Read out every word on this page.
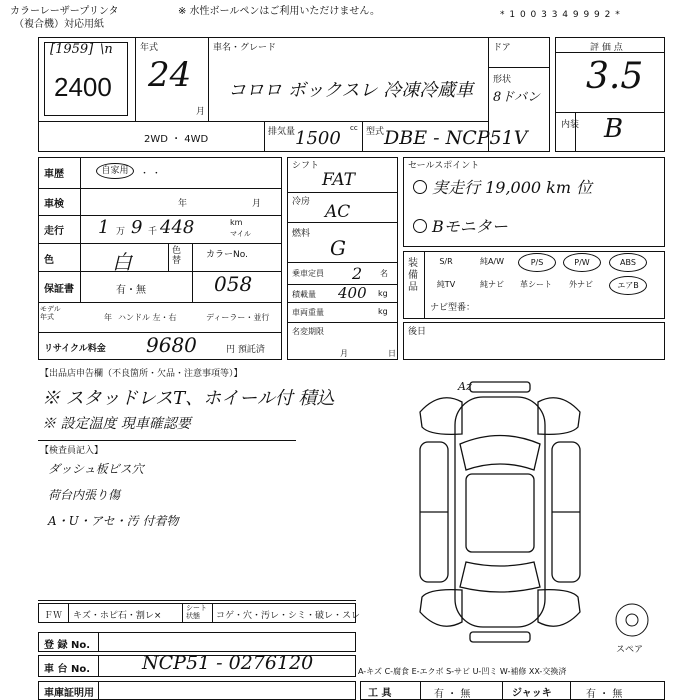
カラーレーザープリンタ
（複合機）対応用紙
※ 水性ボールペンはご利用いただけません。	* 1 0 0 3 3 4 9 9 9 2 *
[1959] \n
2400
年式
24
月
車名・グレード
コロロ ボックスレ 冷凍冷蔵車
ドア
形状
8ドバン
2WD ・ 4WD
排気量 1500 cc 型式 DBE - NCP51V
評 価 点
3.5
内装 B
車歴	自家用	・ ・
車検	年	月
走行 1 万 9 千 448	km
マイル
色	白	色替
カラーNo.
保証書	有・無	058
モデル年式	年 ハンドル 左・右	ディーラー・並行
リサイクル料金 9680	円 預託済
シフト
FAT
冷房 AC
燃料
G
乗車定員 2 名
積載量 400 kg
車両重量	kg
名変期限
月	日
セールスポイント
実走行 19,000 km 位
Bモニター
装備品
S/R	純A/W	P/S	P/W	ABS
純TV	純ナビ	革シート	外ナビ	エアB
ナビ型番：
後日
【出品店申告欄（不良箇所・欠品・注意事項等）】
※ スタッドレスT、ホイール付 積込
※ 設定温度 現車確認要
【検査員記入】
ダッシュ板ビス穴
荷台内張り傷
A・U・アセ・汚 付着物
Az
スペア
ＦＷ キズ・ホピ石・割レ×
シート状態	コゲ・穴・汚レ・シミ・破レ・スレ
登 録 No.
車 台 No.	NCP51 - 0276120	A-キズ C-腐食 E-エクボ S-サビ U-凹ミ W-補修 XX-交換済
車庫証明用	工 具	有 ・ 無	ジャッキ	有 ・ 無
